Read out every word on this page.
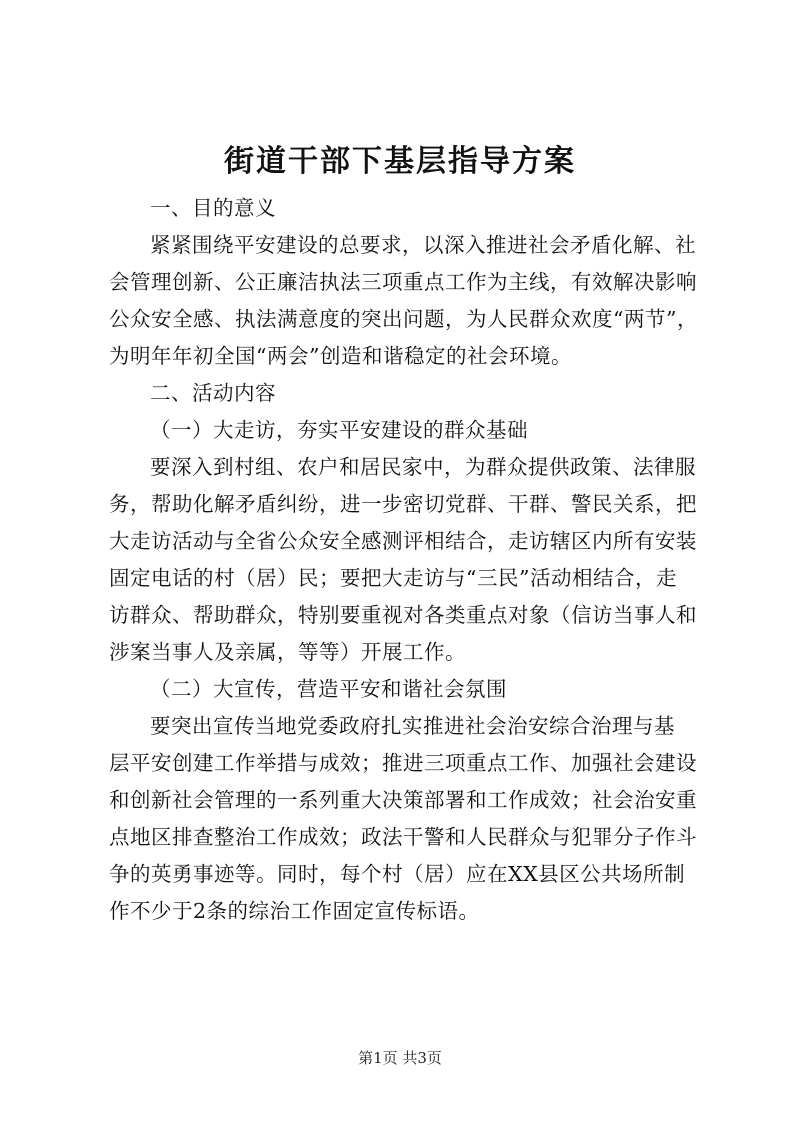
街道干部下基层指导方案
一、目的意义
紧紧围绕平安建设的总要求，以深入推进社会矛盾化解、社
会管理创新、公正廉洁执法三项重点工作为主线，有效解决影响
公众安全感、执法满意度的突出问题，为人民群众欢度“两节”，
为明年年初全国“两会”创造和谐稳定的社会环境。
二、活动内容
（一）大走访，夯实平安建设的群众基础
要深入到村组、农户和居民家中，为群众提供政策、法律服
务，帮助化解矛盾纠纷，进一步密切党群、干群、警民关系，把
大走访活动与全省公众安全感测评相结合，走访辖区内所有安装
固定电话的村（居）民；要把大走访与“三民”活动相结合，走
访群众、帮助群众，特别要重视对各类重点对象（信访当事人和
涉案当事人及亲属，等等）开展工作。
（二）大宣传，营造平安和谐社会氛围
要突出宣传当地党委政府扎实推进社会治安综合治理与基
层平安创建工作举措与成效；推进三项重点工作、加强社会建设
和创新社会管理的一系列重大决策部署和工作成效；社会治安重
点地区排查整治工作成效；政法干警和人民群众与犯罪分子作斗
争的英勇事迹等。同时，每个村（居）应在XX县区公共场所制
作不少于2条的综治工作固定宣传标语。
第1页 共3页
